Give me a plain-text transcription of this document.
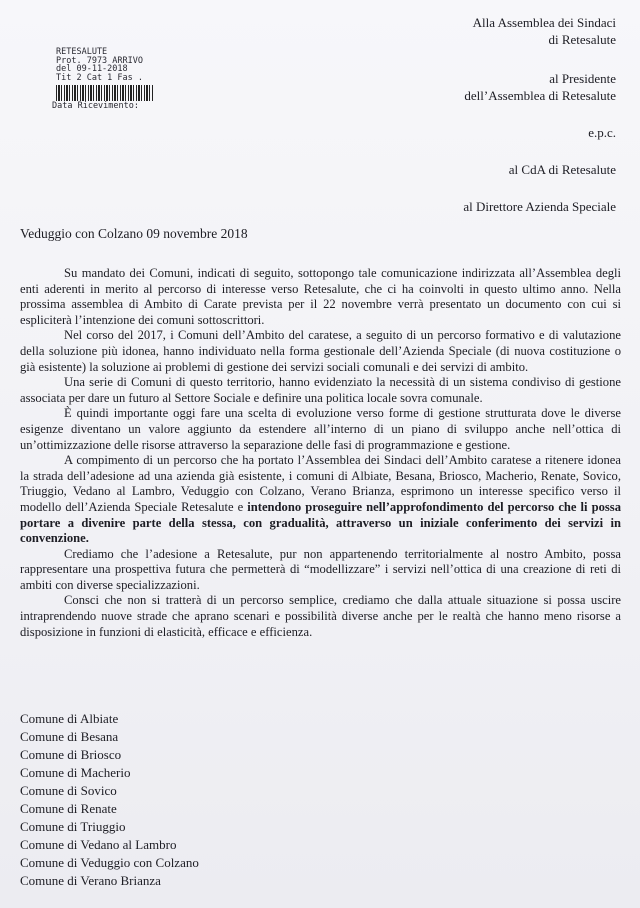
Alla Assemblea dei Sindaci
di Retesalute
al Presidente
dell’Assemblea di Retesalute
e.p.c.
al CdA di Retesalute
al Direttore Azienda Speciale
RETESALUTE
Prot. 7973 ARRIVO
del 09-11-2018
Tit 2 Cat 1 Fas .
Data Ricevimento:
Veduggio con Colzano 09 novembre 2018

Su mandato dei Comuni, indicati di seguito, sottopongo tale comunicazione indirizzata all’Assemblea degli enti aderenti in merito al percorso di interesse verso Retesalute, che ci ha coinvolti in questo ultimo anno. Nella prossima assemblea di Ambito di Carate prevista per il 22 novembre verrà presentato un documento con cui si espliciterà l’intenzione dei comuni sottoscrittori.

Nel corso del 2017, i Comuni dell’Ambito del caratese, a seguito di un percorso formativo e di valutazione della soluzione più idonea, hanno individuato nella forma gestionale dell’Azienda Speciale (di nuova costituzione o già esistente) la soluzione ai problemi di gestione dei servizi sociali comunali e dei servizi di ambito.

Una serie di Comuni di questo territorio, hanno evidenziato la necessità di un sistema condiviso di gestione associata per dare un futuro al Settore Sociale e definire una politica locale sovra comunale.

È quindi importante oggi fare una scelta di evoluzione verso forme di gestione strutturata dove le diverse esigenze diventano un valore aggiunto da estendere all’interno di un piano di sviluppo anche nell’ottica di un’ottimizzazione delle risorse attraverso la separazione delle fasi di programmazione e gestione.

A compimento di un percorso che ha portato l’Assemblea dei Sindaci dell’Ambito caratese a ritenere idonea la strada dell’adesione ad una azienda già esistente, i comuni di Albiate, Besana, Briosco, Macherio, Renate, Sovico, Triuggio, Vedano al Lambro, Veduggio con Colzano, Verano Brianza, esprimono un interesse specifico verso il modello dell’Azienda Speciale Retesalute e intendono proseguire nell’approfondimento del percorso che li possa portare a divenire parte della stessa, con gradualità, attraverso un iniziale conferimento dei servizi in convenzione.

Crediamo che l’adesione a Retesalute, pur non appartenendo territorialmente al nostro Ambito, possa rappresentare una prospettiva futura che permetterà di “modellizzare” i servizi nell’ottica di una creazione di reti di ambiti con diverse specializzazioni.

Consci che non si tratterà di un percorso semplice, crediamo che dalla attuale situazione si possa uscire intraprendendo nuove strade che aprano scenari e possibilità diverse anche per le realtà che hanno meno risorse a disposizione in funzioni di elasticità, efficace e efficienza.

Comune di Albiate
Comune di Besana
Comune di Briosco
Comune di Macherio
Comune di Sovico
Comune di Renate
Comune di Triuggio
Comune di Vedano al Lambro
Comune di Veduggio con Colzano
Comune di Verano Brianza
